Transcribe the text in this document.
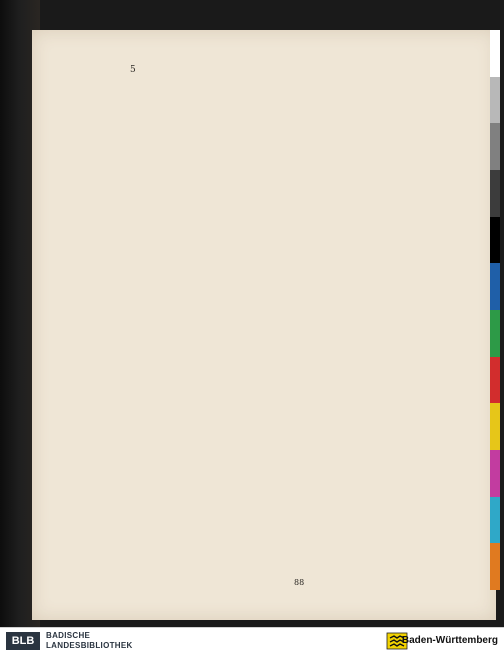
5
88
BLB	BADISCHE
LANDESBIBLIOTHEK	Baden-Württemberg
